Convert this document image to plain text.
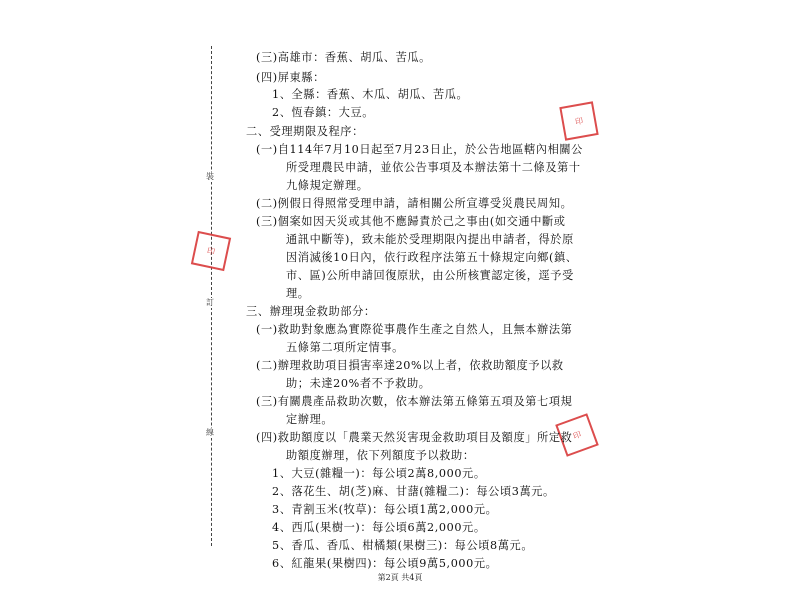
裝
訂
線
印
印
印
(三)高雄市：香蕉、胡瓜、苦瓜。
(四)屏東縣：
1、全縣：香蕉、木瓜、胡瓜、苦瓜。
2、恆春鎮：大豆。
二、受理期限及程序：
(一)自114年7月10日起至7月23日止，於公告地區轄內相關公
所受理農民申請，並依公告事項及本辦法第十二條及第十
九條規定辦理。
(二)例假日得照常受理申請，請相關公所宣導受災農民周知。
(三)個案如因天災或其他不應歸責於己之事由(如交通中斷或
通訊中斷等)，致未能於受理期限內提出申請者，得於原
因消滅後10日內，依行政程序法第五十條規定向鄉(鎮、
市、區)公所申請回復原狀，由公所核實認定後，逕予受
理。
三、辦理現金救助部分：
(一)救助對象應為實際從事農作生產之自然人，且無本辦法第
五條第二項所定情事。
(二)辦理救助項目損害率達20%以上者，依救助額度予以救
助；未達20%者不予救助。
(三)有關農產品救助次數，依本辦法第五條第五項及第七項規
定辦理。
(四)救助額度以「農業天然災害現金救助項目及額度」所定救
助額度辦理，依下列額度予以救助：
1、大豆(雜糧一)：每公頃2萬8,000元。
2、落花生、胡(芝)麻、甘藷(雜糧二)：每公頃3萬元。
3、青割玉米(牧草)：每公頃1萬2,000元。
4、西瓜(果樹一)：每公頃6萬2,000元。
5、香瓜、香瓜、柑橘類(果樹三)：每公頃8萬元。
6、紅龍果(果樹四)：每公頃9萬5,000元。
第2頁 共4頁
